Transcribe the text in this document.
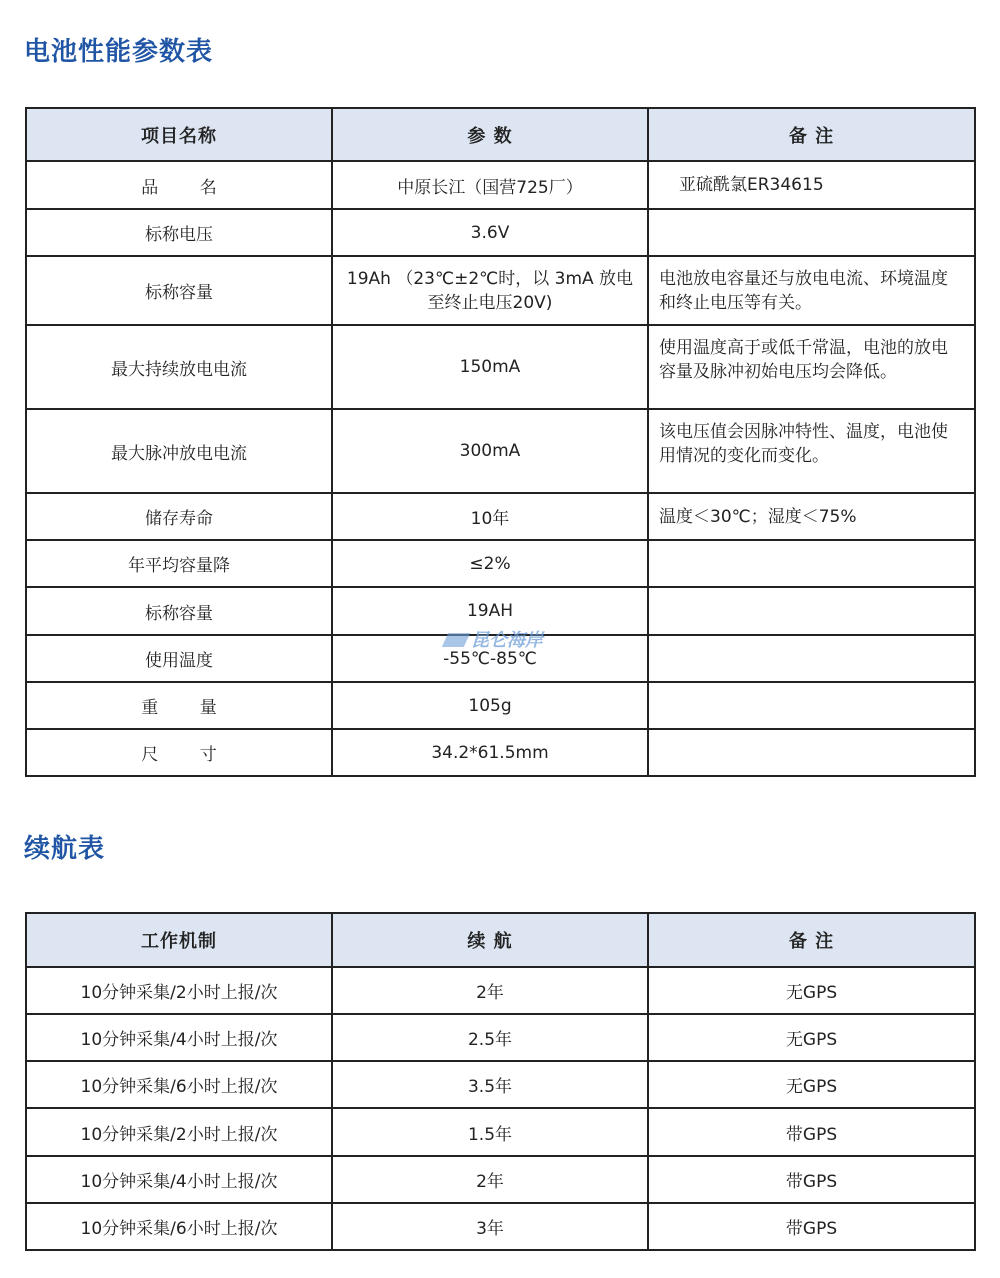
电池性能参数表
项目名称	参 数	备 注
品 名	中原长江（国营725厂）	亚硫酰氯ER34615
标称电压	3.6V	
标称容量	19Ah （23℃±2℃时，以 3mA 放电至终止电压20V)	电池放电容量还与放电电流、环境温度和终止电压等有关。
最大持续放电电流	150mA	使用温度高于或低千常温，电池的放电容量及脉冲初始电压均会降低。
最大脉冲放电电流	300mA	该电压值会因脉冲特性、温度，电池使用情况的变化而变化。
储存寿命	10年	温度＜30℃；湿度＜75%
年平均容量降	≤2%	
标称容量	19AH	
使用温度	-55℃-85℃	
重 量	105g	
尺 寸	34.2*61.5mm	
昆仑海岸
续航表
工作机制	续 航	备 注
10分钟采集/2小时上报/次	2年	无GPS
10分钟采集/4小时上报/次	2.5年	无GPS
10分钟采集/6小时上报/次	3.5年	无GPS
10分钟采集/2小时上报/次	1.5年	带GPS
10分钟采集/4小时上报/次	2年	带GPS
10分钟采集/6小时上报/次	3年	带GPS
